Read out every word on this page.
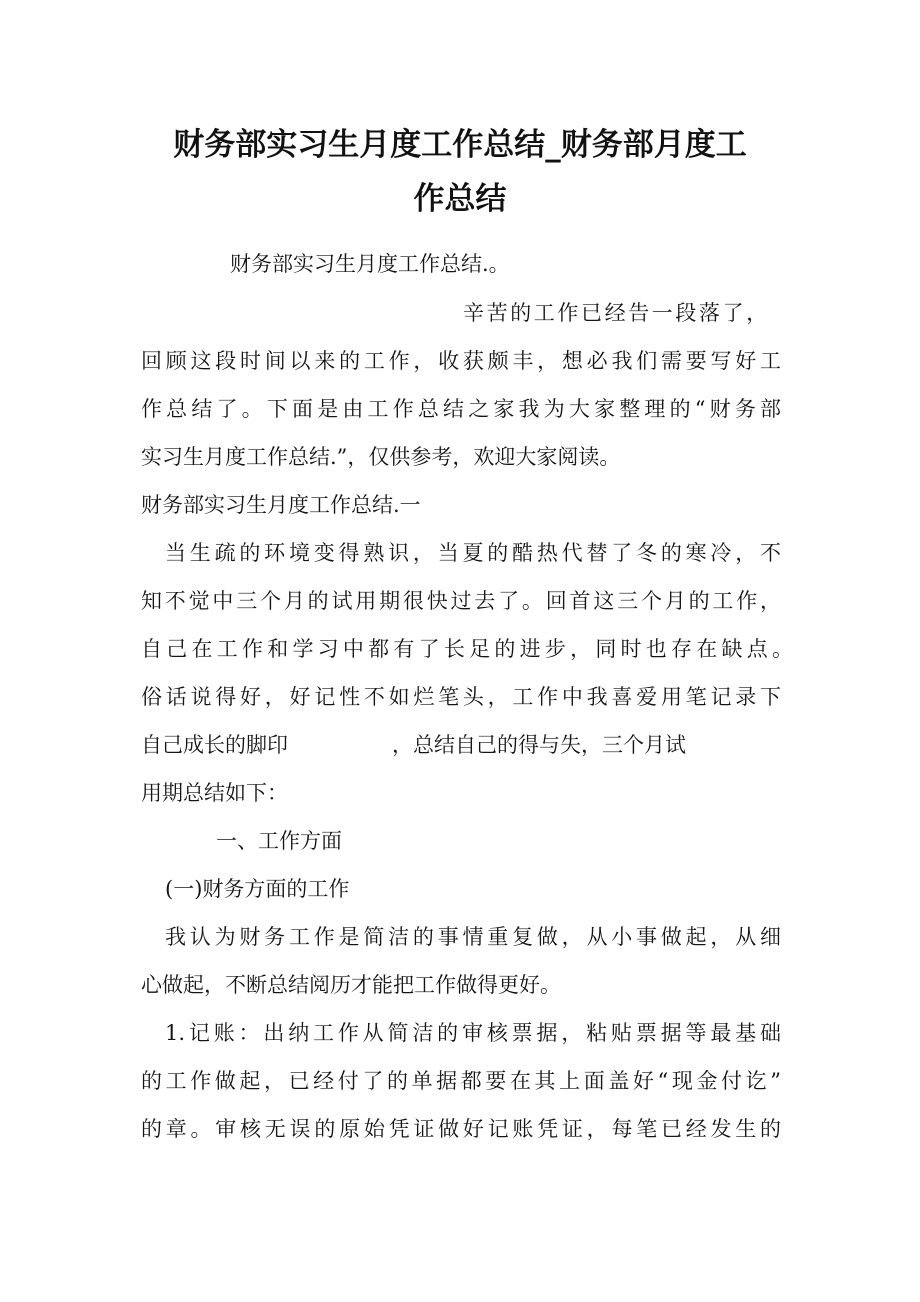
财务部实习生月度工作总结_财务部月度工
作总结

财务部实习生月度工作总结.。

辛苦的工作已经告一段落了，

回顾这段时间以来的工作，收获颇丰，想必我们需要写好工

作总结了。下面是由工作总结之家我为大家整理的“财务部

实习生月度工作总结.”，仅供参考，欢迎大家阅读。

财务部实习生月度工作总结.一

当生疏的环境变得熟识，当夏的酷热代替了冬的寒冷，不

知不觉中三个月的试用期很快过去了。回首这三个月的工作，

自己在工作和学习中都有了长足的进步，同时也存在缺点。

俗话说得好，好记性不如烂笔头，工作中我喜爱用笔记录下

自己成长的脚印	，总结自己的得与失，三个月试

用期总结如下：

一、工作方面

(一)财务方面的工作

我认为财务工作是简洁的事情重复做，从小事做起，从细

心做起，不断总结阅历才能把工作做得更好。

1.记账：出纳工作从简洁的审核票据，粘贴票据等最基础

的工作做起，已经付了的单据都要在其上面盖好“现金付讫”

的章。审核无误的原始凭证做好记账凭证，每笔已经发生的
